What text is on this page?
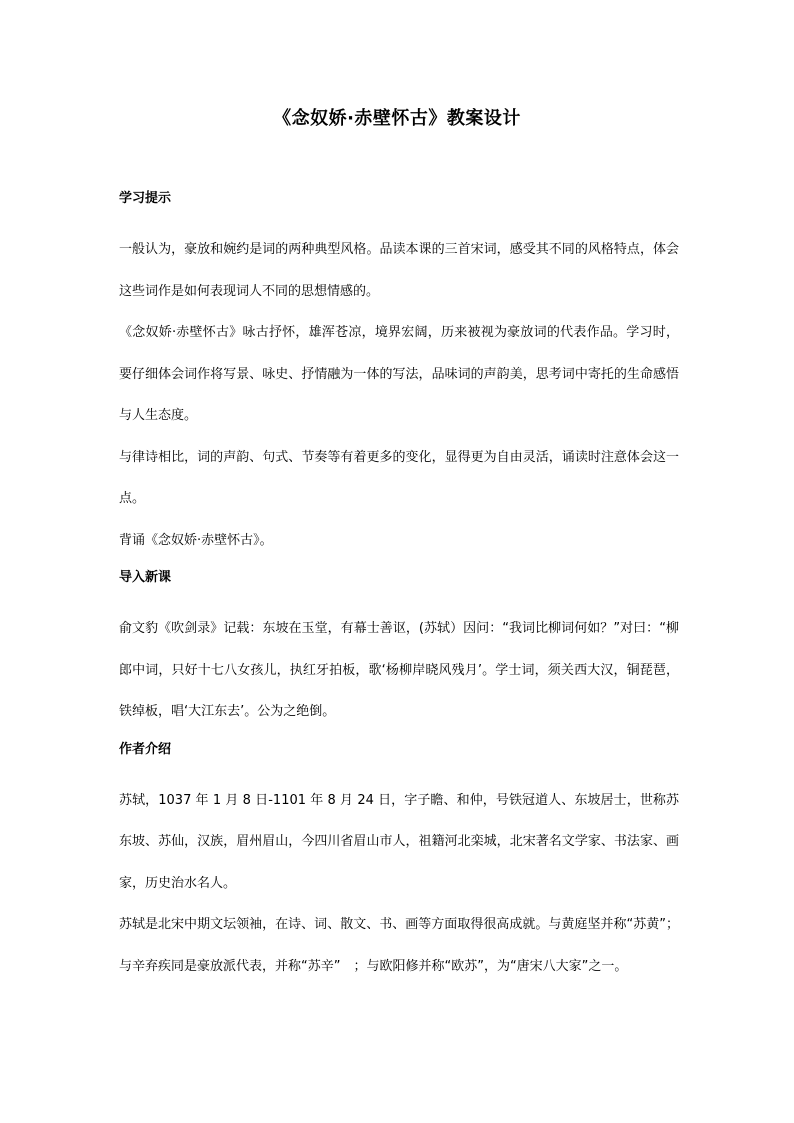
《念奴娇·赤壁怀古》教案设计
学习提示

一般认为，豪放和婉约是词的两种典型风格。品读本课的三首宋词，感受其不同的风格特点，体会这些词作是如何表现词人不同的思想情感的。

《念奴娇·赤壁怀古》咏古抒怀，雄浑苍凉，境界宏阔，历来被视为豪放词的代表作品。学习时，要仔细体会词作将写景、咏史、抒情融为一体的写法，品味词的声韵美，思考词中寄托的生命感悟与人生态度。

与律诗相比，词的声韵、句式、节奏等有着更多的变化，显得更为自由灵活，诵读时注意体会这一点。

背诵《念奴娇·赤壁怀古》。

导入新课

俞文豹《吹剑录》记载：东坡在玉堂，有幕士善讴，(苏轼）因问：“我词比柳词何如？”对曰：“柳郎中词，只好十七八女孩儿，执红牙拍板，歌‘杨柳岸晓风残月’。学士词，须关西大汉，铜琵琶，铁绰板，唱‘大江东去’。公为之绝倒。

作者介绍

苏轼，1037 年 1 月 8 日-1101 年 8 月 24 日，字子瞻、和仲，号铁冠道人、东坡居士，世称苏东坡、苏仙，汉族，眉州眉山，今四川省眉山市人，祖籍河北栾城，北宋著名文学家、书法家、画家，历史治水名人。

苏轼是北宋中期文坛领袖，在诗、词、散文、书、画等方面取得很高成就。与黄庭坚并称“苏黄”；与辛弃疾同是豪放派代表，并称“苏辛”　；与欧阳修并称“欧苏”，为“唐宋八大家”之一。
